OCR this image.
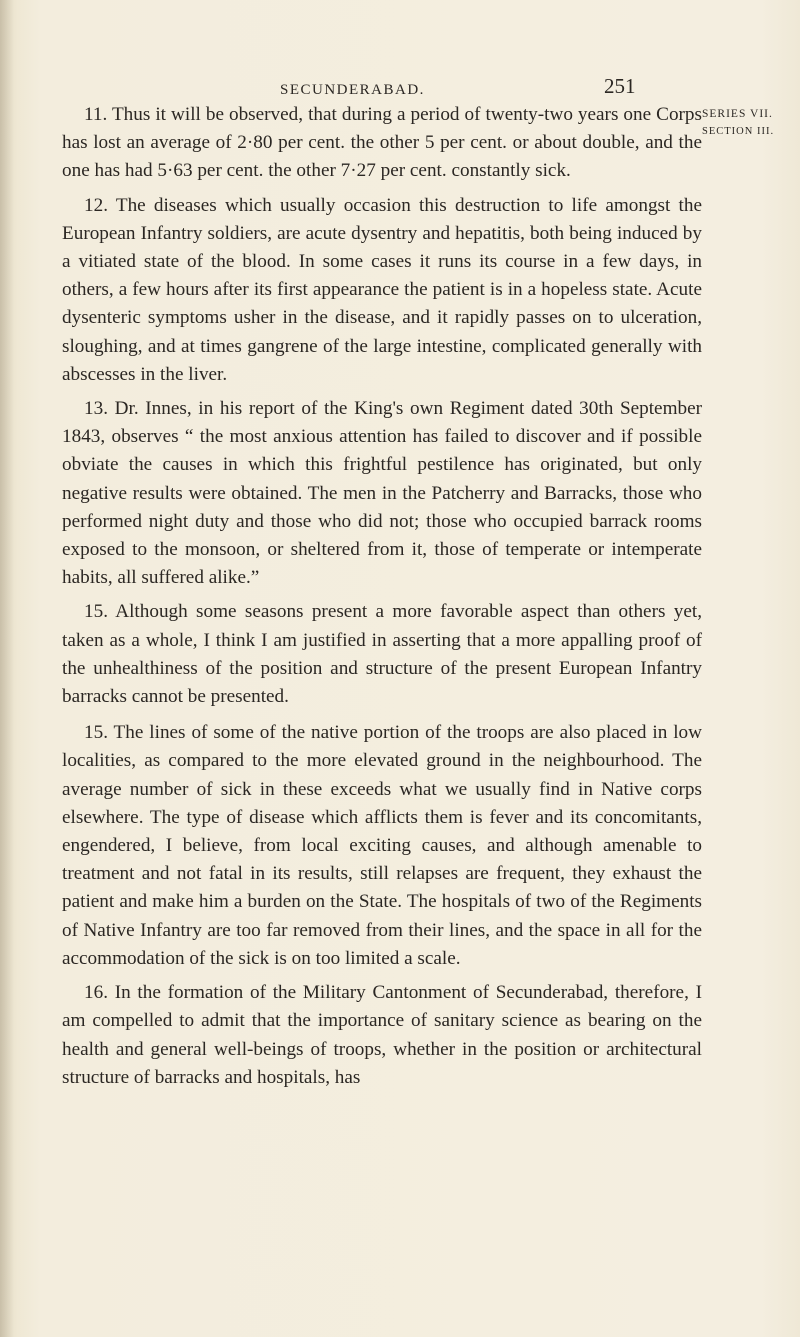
SECUNDERABAD.	251
SERIES VII.
SECTION III.

11. Thus it will be observed, that during a period of twenty-two years one Corps has lost an average of 2·80 per cent. the other 5 per cent. or about double, and the one has had 5·63 per cent. the other 7·27 per cent. constantly sick.

12. The diseases which usually occasion this destruction to life amongst the European Infantry soldiers, are acute dysentry and hepatitis, both being induced by a vitiated state of the blood. In some cases it runs its course in a few days, in others, a few hours after its first appearance the patient is in a hopeless state. Acute dysenteric symptoms usher in the disease, and it rapidly passes on to ulceration, sloughing, and at times gangrene of the large intestine, complicated generally with abscesses in the liver.

13. Dr. Innes, in his report of the King's own Regiment dated 30th September 1843, observes “ the most anxious attention has failed to discover and if possible obviate the causes in which this frightful pestilence has originated, but only negative results were obtained. The men in the Patcherry and Barracks, those who performed night duty and those who did not; those who occupied barrack rooms exposed to the monsoon, or sheltered from it, those of temperate or intemperate habits, all suffered alike.”

15. Although some seasons present a more favorable aspect than others yet, taken as a whole, I think I am justified in asserting that a more appalling proof of the unhealthiness of the position and structure of the present European Infantry barracks cannot be presented.

15. The lines of some of the native portion of the troops are also placed in low localities, as compared to the more elevated ground in the neighbourhood. The average number of sick in these exceeds what we usually find in Native corps elsewhere. The type of disease which afflicts them is fever and its concomitants, engendered, I believe, from local exciting causes, and although amenable to treatment and not fatal in its results, still relapses are frequent, they exhaust the patient and make him a burden on the State. The hospitals of two of the Regiments of Native Infantry are too far removed from their lines, and the space in all for the accommodation of the sick is on too limited a scale.

16. In the formation of the Military Cantonment of Secunderabad, therefore, I am compelled to admit that the importance of sanitary science as bearing on the health and general well-beings of troops, whether in the position or architectural structure of barracks and hospitals, has
